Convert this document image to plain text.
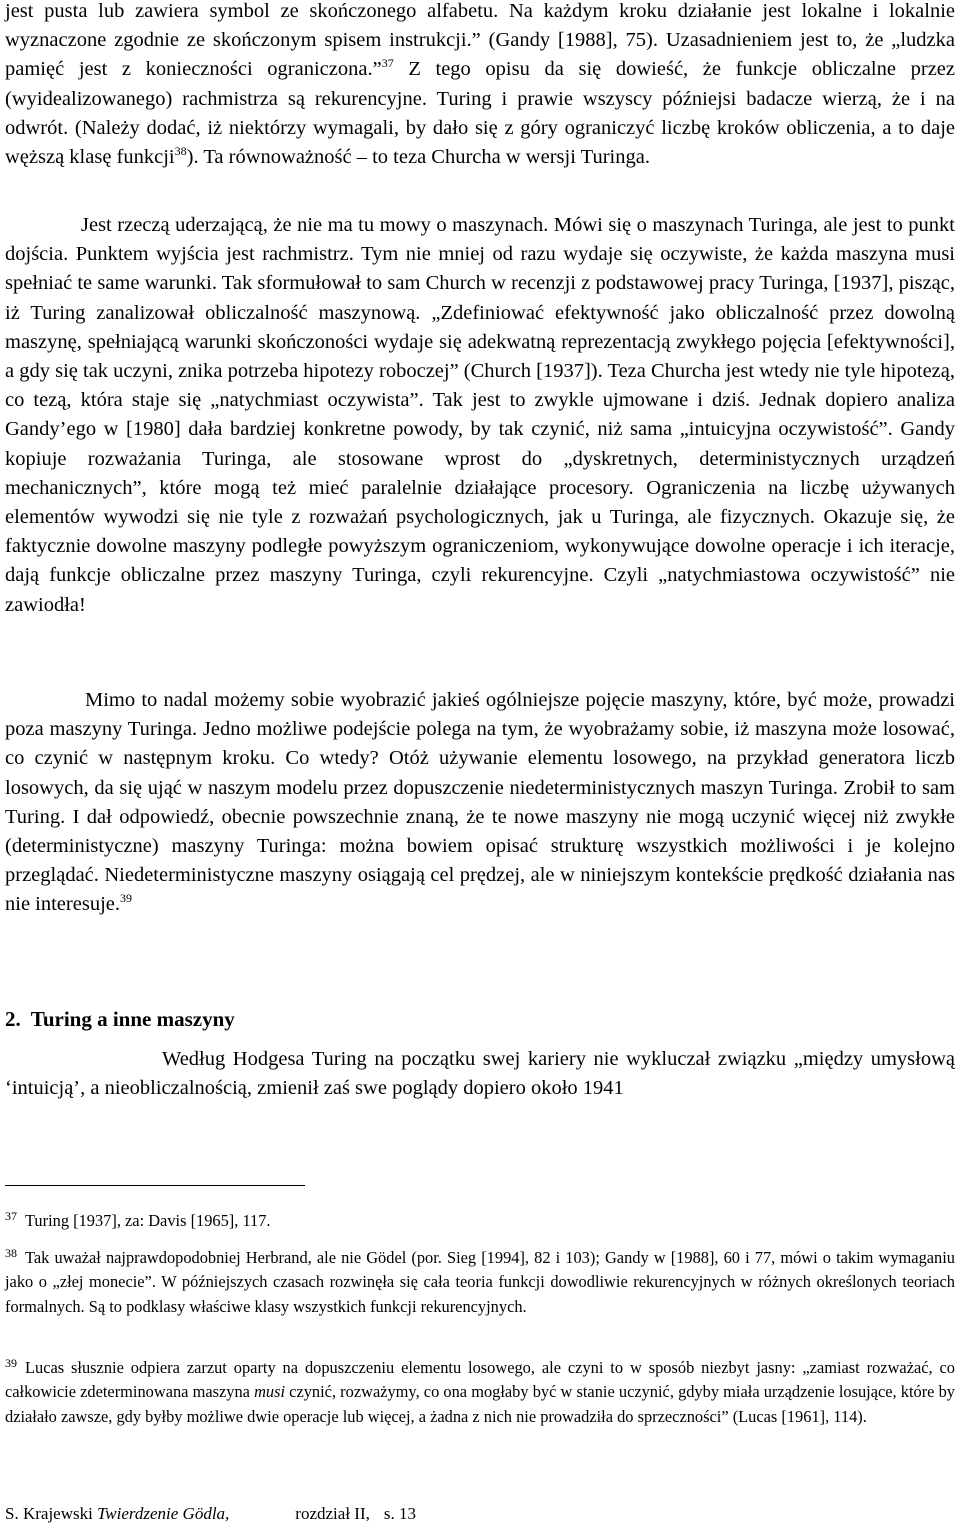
jest pusta lub zawiera symbol ze skończonego alfabetu. Na każdym kroku działanie jest lokalne i lokalnie wyznaczone zgodnie ze skończonym spisem instrukcji.” (Gandy [1988], 75). Uzasadnieniem jest to, że „ludzka pamięć jest z konieczności ograniczona.”$^{37}$ Z tego opisu da się dowieść, że funkcje obliczalne przez (wyidealizowanego) rachmistrza są rekurencyjne. Turing i prawie wszyscy późniejsi badacze wierzą, że i na odwrót. (Należy dodać, iż niektórzy wymagali, by dało się z góry ograniczyć liczbę kroków obliczenia, a to daje węższą klasę funkcji$^{38}$). Ta równoważność – to teza Churcha w wersji Turinga.

Jest rzeczą uderzającą, że nie ma tu mowy o maszynach. Mówi się o maszynach Turinga, ale jest to punkt dojścia. Punktem wyjścia jest rachmistrz. Tym nie mniej od razu wydaje się oczywiste, że każda maszyna musi spełniać te same warunki. Tak sformułował to sam Church w recenzji z podstawowej pracy Turinga, [1937], pisząc, iż Turing zanalizował obliczalność maszynową. „Zdefiniować efektywność jako obliczalność przez dowolną maszynę, spełniającą warunki skończoności wydaje się adekwatną reprezentacją zwykłego pojęcia [efektywności], a gdy się tak uczyni, znika potrzeba hipotezy roboczej” (Church [1937]). Teza Churcha jest wtedy nie tyle hipotezą, co tezą, która staje się „natychmiast oczywista”. Tak jest to zwykle ujmowane i dziś. Jednak dopiero analiza Gandy’ego w [1980] dała bardziej konkretne powody, by tak czynić, niż sama „intuicyjna oczywistość”. Gandy kopiuje rozważania Turinga, ale stosowane wprost do „dyskretnych, deterministycznych urządzeń mechanicznych”, które mogą też mieć paralelnie działające procesory. Ograniczenia na liczbę używanych elementów wywodzi się nie tyle z rozważań psychologicznych, jak u Turinga, ale fizycznych. Okazuje się, że faktycznie dowolne maszyny podległe powyższym ograniczeniom, wykonywujące dowolne operacje i ich iteracje, dają funkcje obliczalne przez maszyny Turinga, czyli rekurencyjne. Czyli „natychmiastowa oczywistość” nie zawiodła!

Mimo to nadal możemy sobie wyobrazić jakieś ogólniejsze pojęcie maszyny, które, być może, prowadzi poza maszyny Turinga. Jedno możliwe podejście polega na tym, że wyobrażamy sobie, iż maszyna może losować, co czynić w następnym kroku. Co wtedy? Otóż używanie elementu losowego, na przykład generatora liczb losowych, da się ująć w naszym modelu przez dopuszczenie niedeterministycznych maszyn Turinga. Zrobił to sam Turing. I dał odpowiedź, obecnie powszechnie znaną, że te nowe maszyny nie mogą uczynić więcej niż zwykłe (deterministyczne) maszyny Turinga: można bowiem opisać strukturę wszystkich możliwości i je kolejno przeglądać. Niedeterministyczne maszyny osiągają cel prędzej, ale w niniejszym kontekście prędkość działania nas nie interesuje.$^{39}$

2. Turing a inne maszyny

Według Hodgesa Turing na początku swej kariery nie wykluczał związku „między umysłową ‘intuicją’, a nieobliczalnością, zmienił zaś swe poglądy dopiero około 1941

$^{37}$ Turing [1937], za: Davis [1965], 117.

$^{38}$ Tak uważał najprawdopodobniej Herbrand, ale nie Gödel (por. Sieg [1994], 82 i 103); Gandy w [1988], 60 i 77, mówi o takim wymaganiu jako o „złej monecie”. W późniejszych czasach rozwinęła się cała teoria funkcji dowodliwie rekurencyjnych w różnych określonych teoriach formalnych. Są to podklasy właściwe klasy wszystkich funkcji rekurencyjnych.

$^{39}$ Lucas słusznie odpiera zarzut oparty na dopuszczeniu elementu losowego, ale czyni to w sposób niezbyt jasny: „zamiast rozważać, co całkowicie zdeterminowana maszyna musi czynić, rozważymy, co ona mogłaby być w stanie uczynić, gdyby miała urządzenie losujące, które by działało zawsze, gdy byłby możliwe dwie operacje lub więcej, a żadna z nich nie prowadziła do sprzeczności” (Lucas [1961], 114).

S. Krajewski Twierdzenie Gödla,	rozdział II, s. 13
